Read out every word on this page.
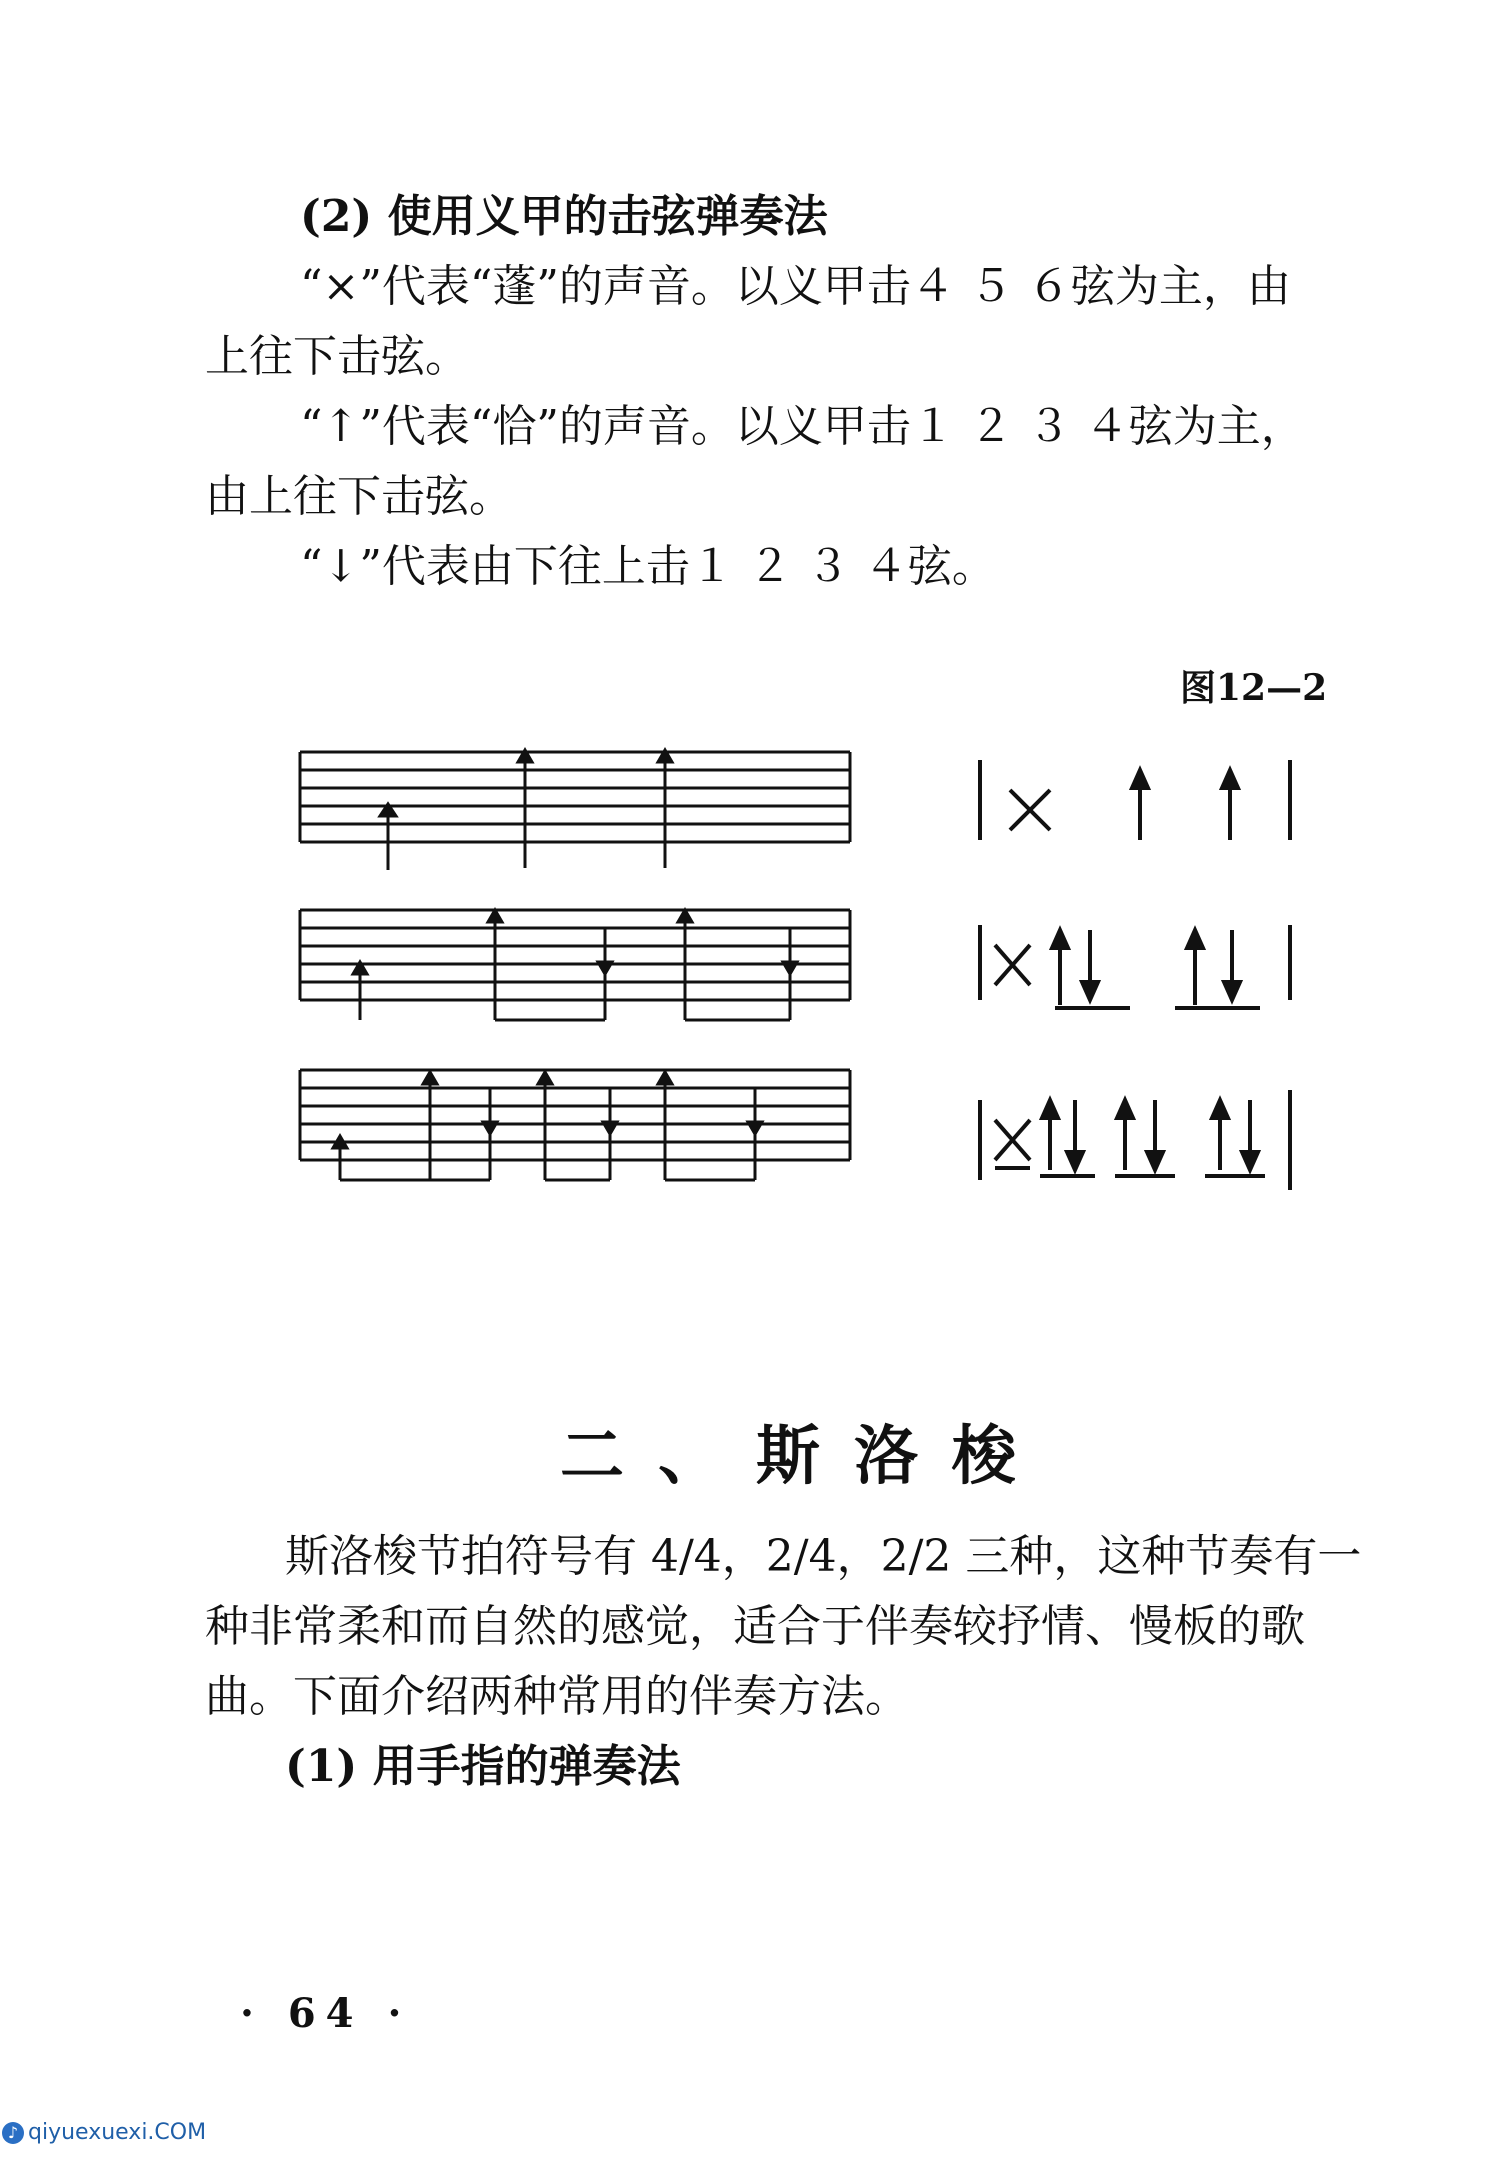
(2) 使用义甲的击弦弹奏法
“×”代表“蓬”的声音。以义甲击４ ５ ６弦为主，由
上往下击弦。
“↑”代表“恰”的声音。以义甲击１ ２ ３ ４弦为主，
由上往下击弦。
“↓”代表由下往上击１ ２ ３ ４弦。
图12—2
二、斯洛梭
斯洛梭节拍符号有 4/4，2/4，2/2 三种，这种节奏有一
种非常柔和而自然的感觉，适合于伴奏较抒情、慢板的歌
曲。下面介绍两种常用的伴奏方法。
(1) 用手指的弹奏法
· 64 ·
♪ qiyuexuexi.COM
